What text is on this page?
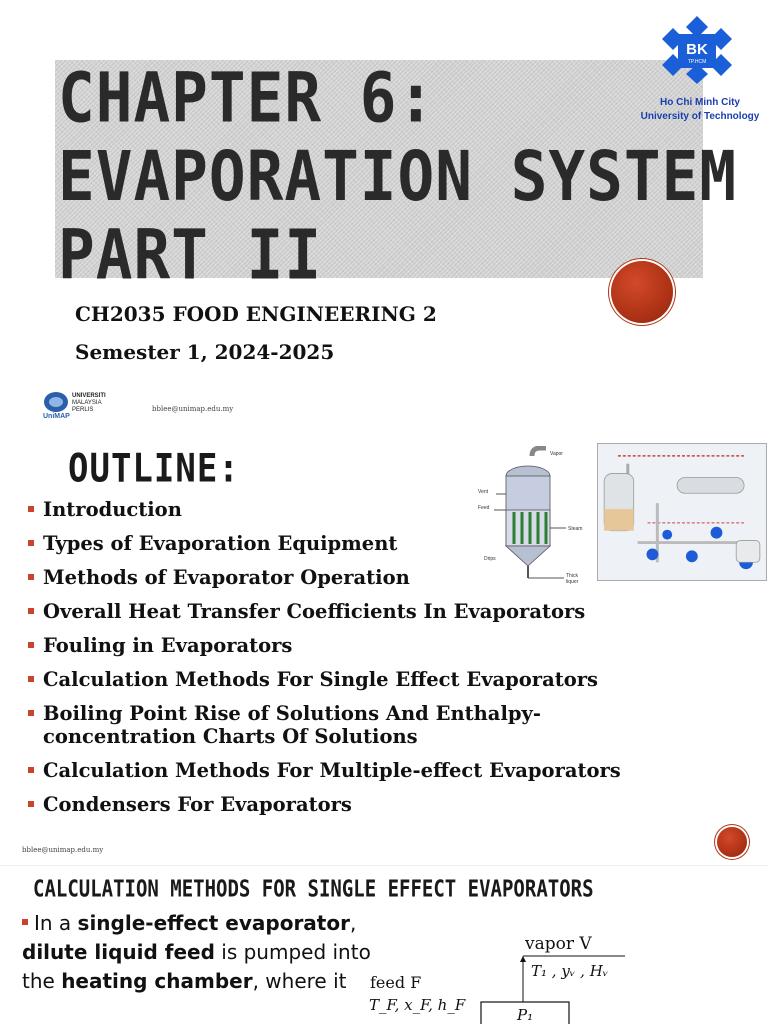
CHAPTER 6:
EVAPORATION SYSTEM
PART II
BK
TP.HCM
Ho Chi Minh City
University of Technology
CH2035 FOOD ENGINEERING 2
Semester 1, 2024-2025
UNIVERSITI
MALAYSIA
PERLIS
UniMAP
bblee@unimap.edu.my
OUTLINE:	Vapor
Vent
Feed
Steam
Drips
Thick
liquor
Introduction
Types of Evaporation Equipment
Methods of Evaporator Operation
Overall Heat Transfer Coefficients In Evaporators
Fouling in Evaporators
Calculation Methods For Single Effect Evaporators
Boiling Point Rise of Solutions And Enthalpy-
concentration Charts Of Solutions
Calculation Methods For Multiple-effect Evaporators
Condensers For Evaporators
bblee@unimap.edu.my
CALCULATION METHODS FOR SINGLE EFFECT EVAPORATORS
In a single-effect evaporator, dilute liquid feed is pumped into the heating chamber, where it
vapor V
T₁ , yᵥ , Hᵥ
feed F
T_F, x_F, h_F
P₁
